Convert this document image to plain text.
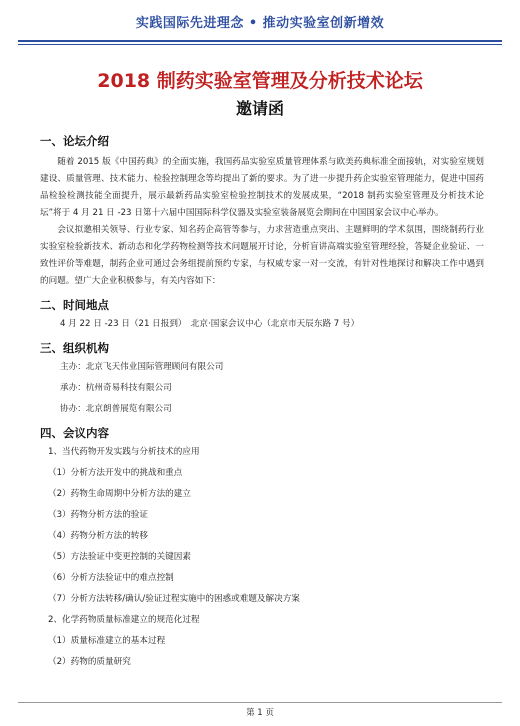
实践国际先进理念 • 推动实验室创新增效
2018 制药实验室管理及分析技术论坛
邀请函

一、论坛介绍

随着 2015 版《中国药典》的全面实施，我国药品实验室质量管理体系与欧美药典标准全面接轨，对实验室规划建设、质量管理、技术能力、检验控制理念等均提出了新的要求。为了进一步提升药企实验室管理能力，促进中国药品检验检测技能全面提升，展示最新药品实验室检验控制技术的发展成果，“2018 制药实验室管理及分析技术论坛”将于 4 月 21 日 -23 日第十六届中国国际科学仪器及实验室装备展览会期间在中国国家会议中心举办。

会议拟邀相关领导、行业专家、知名药企高管等参与，力求营造重点突出、主题鲜明的学术氛围，围绕制药行业实验室检验新技术、新动态和化学药物检测等技术问题展开讨论，分析盲讲高端实验室管理经验，答疑企业验证、一致性评价等难题，制药企业可通过会务组提前预约专家，与权威专家一对一交流，有针对性地探讨和解决工作中遇到的问题。望广大企业积极参与，有关内容如下：

二、时间地点

4 月 22 日 -23 日（21 日报到）　北京·国家会议中心（北京市天辰东路 7 号）

三、组织机构

主办：北京飞天伟业国际管理顾问有限公司

承办：杭州奇易科技有限公司

协办：北京朗普展览有限公司

四、会议内容

1、当代药物开发实践与分析技术的应用

（1）分析方法开发中的挑战和重点

（2）药物生命周期中分析方法的建立

（3）药物分析方法的验证

（4）药物分析方法的转移

（5）方法验证中变更控制的关键因素

（6）分析方法验证中的难点控制

（7）分析方法转移/确认/验证过程实施中的困惑或难题及解决方案

2、化学药物质量标准建立的规范化过程

（1）质量标准建立的基本过程

（2）药物的质量研究

第 1 页
